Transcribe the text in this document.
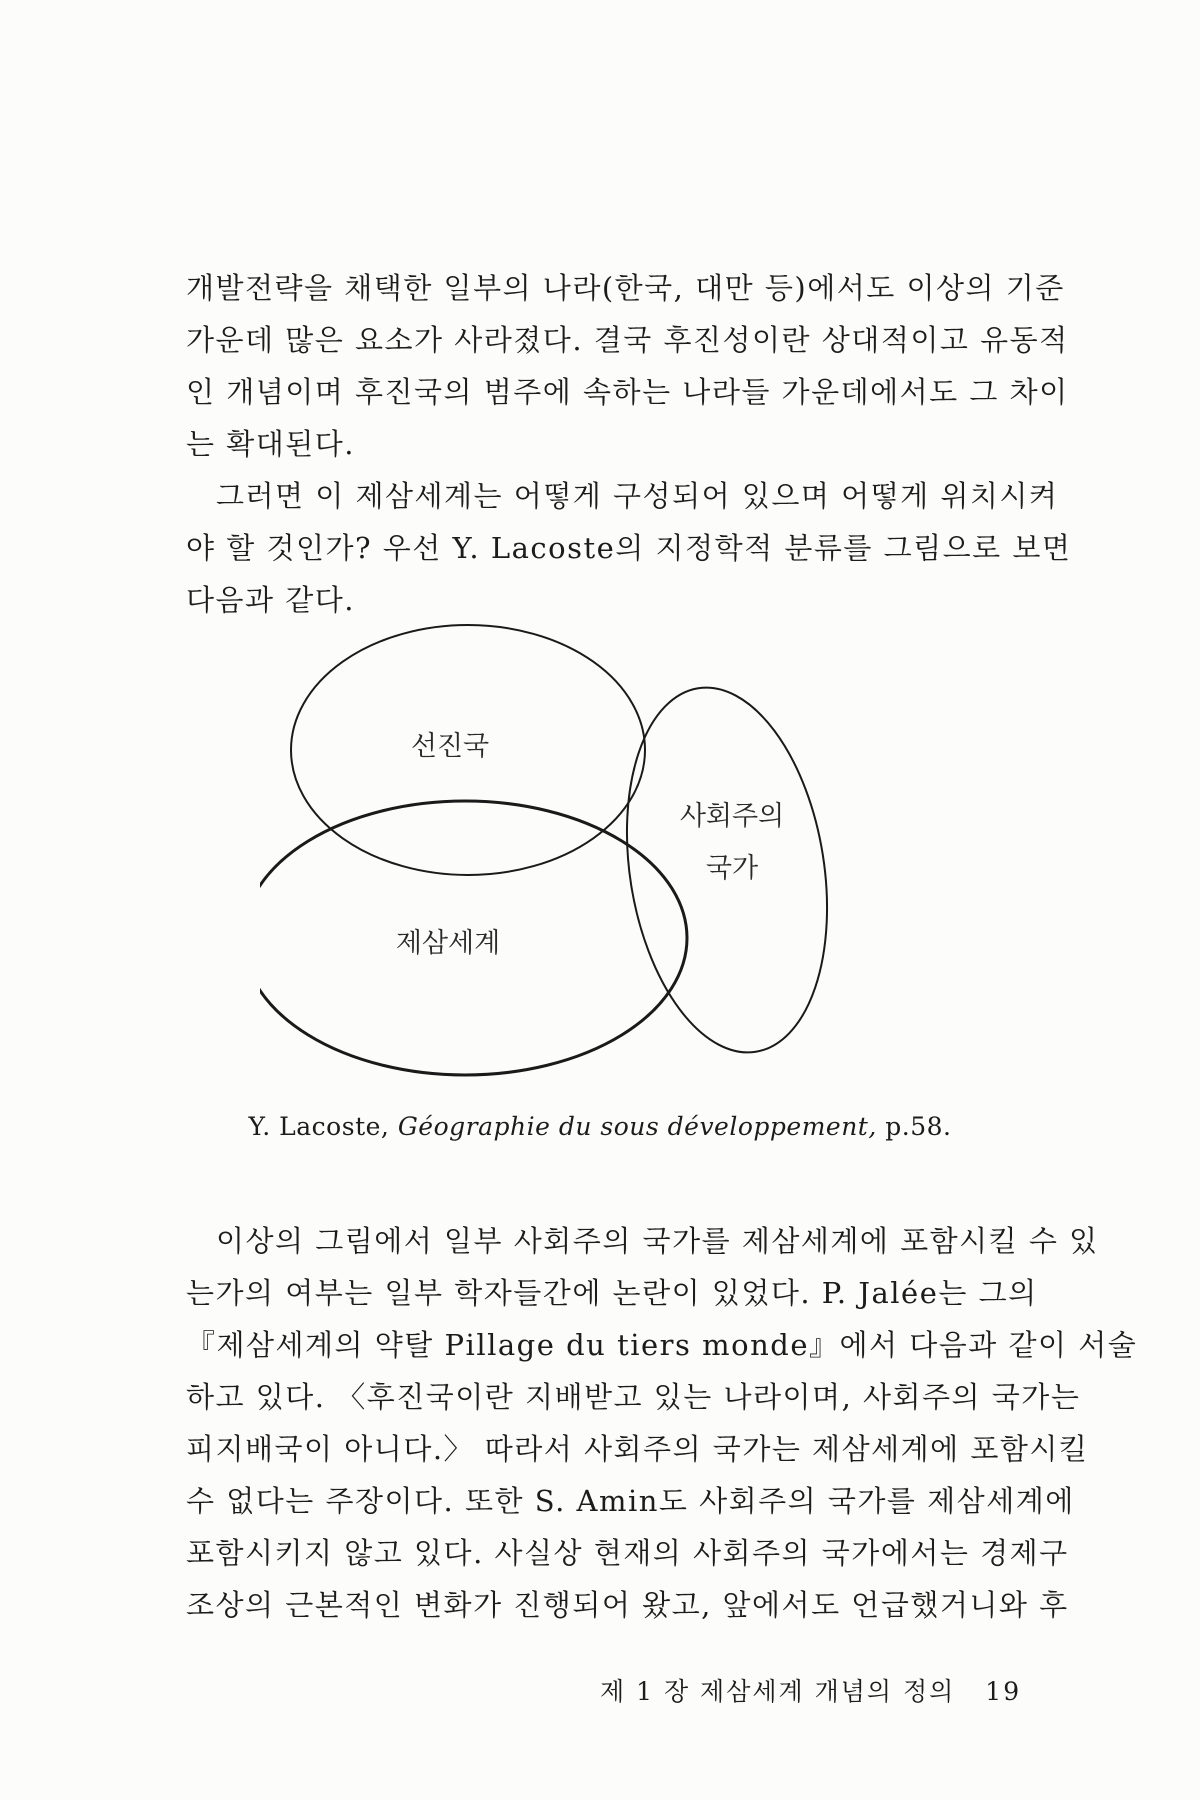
개발전략을 채택한 일부의 나라(한국, 대만 등)에서도 이상의 기준
가운데 많은 요소가 사라졌다. 결국 후진성이란 상대적이고 유동적
인 개념이며 후진국의 범주에 속하는 나라들 가운데에서도 그 차이
는 확대된다.
그러면 이 제삼세계는 어떻게 구성되어 있으며 어떻게 위치시켜
야 할 것인가? 우선 Y. Lacoste의 지정학적 분류를 그림으로 보면
다음과 같다.
선진국
사회주의
국가
제삼세계
Y. Lacoste, Géographie du sous développement, p.58.
이상의 그림에서 일부 사회주의 국가를 제삼세계에 포함시킬 수 있
는가의 여부는 일부 학자들간에 논란이 있었다. P. Jalée는 그의
『제삼세계의 약탈 Pillage du tiers monde』에서 다음과 같이 서술
하고 있다. 〈후진국이란 지배받고 있는 나라이며, 사회주의 국가는
피지배국이 아니다.〉 따라서 사회주의 국가는 제삼세계에 포함시킬
수 없다는 주장이다. 또한 S. Amin도 사회주의 국가를 제삼세계에
포함시키지 않고 있다. 사실상 현재의 사회주의 국가에서는 경제구
조상의 근본적인 변화가 진행되어 왔고, 앞에서도 언급했거니와 후
제 1 장 제삼세계 개념의 정의 19
